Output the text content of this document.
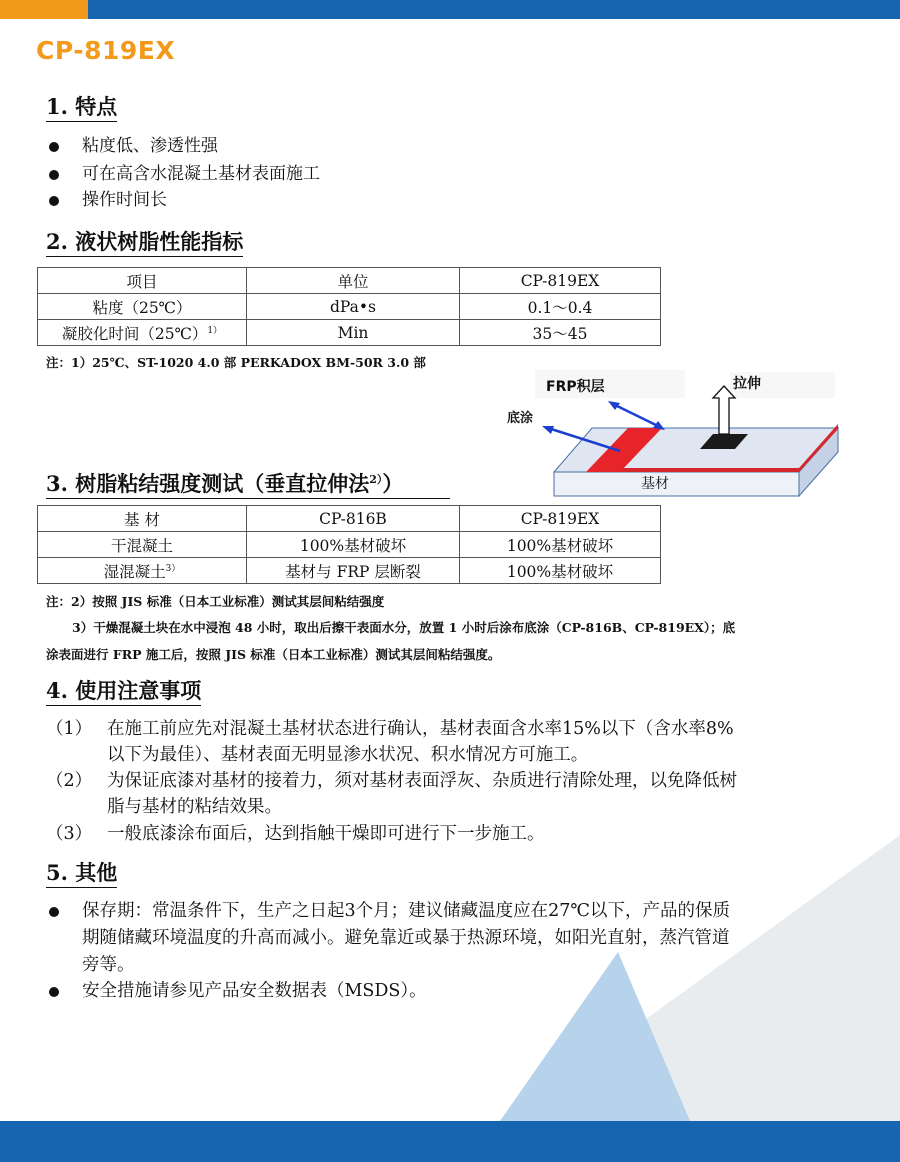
CP-819EX
1. 特点
粘度低、渗透性强
可在高含水混凝土基材表面施工
操作时间长
2. 液状树脂性能指标
项目	单位	CP-819EX
粘度（25℃）	dPa•s	0.1～0.4
凝胶化时间（25℃）$^{1)}$	Min	35～45
注：1）25℃、ST-1020 4.0 部 PERKADOX BM-50R 3.0 部
FRP积层	拉伸
底涂
基材
3. 树脂粘结强度测试（垂直拉伸法$^{2)}$）
基 材	CP-816B	CP-819EX
干混凝土	100%基材破坏	100%基材破坏
湿混凝土$^{3)}$	基材与 FRP 层断裂	100%基材破坏
注：2）按照 JIS 标准（日本工业标准）测试其层间粘结强度
3）干燥混凝土块在水中浸泡 48 小时，取出后擦干表面水分，放置 1 小时后涂布底涂（CP-816B、CP-819EX）；底
涂表面进行 FRP 施工后，按照 JIS 标准（日本工业标准）测试其层间粘结强度。
4. 使用注意事项
（1） 在施工前应先对混凝土基材状态进行确认，基材表面含水率15%以下（含水率8%以下为最佳）、基材表面无明显渗水状况、积水情况方可施工。
（2） 为保证底漆对基材的接着力，须对基材表面浮灰、杂质进行清除处理，以免降低树脂与基材的粘结效果。
（3） 一般底漆涂布面后，达到指触干燥即可进行下一步施工。
5. 其他
保存期：常温条件下，生产之日起3个月；建议储藏温度应在27℃以下，产品的保质期随储藏环境温度的升高而减小。避免靠近或暴于热源环境，如阳光直射，蒸汽管道旁等。
安全措施请参见产品安全数据表（MSDS）。
